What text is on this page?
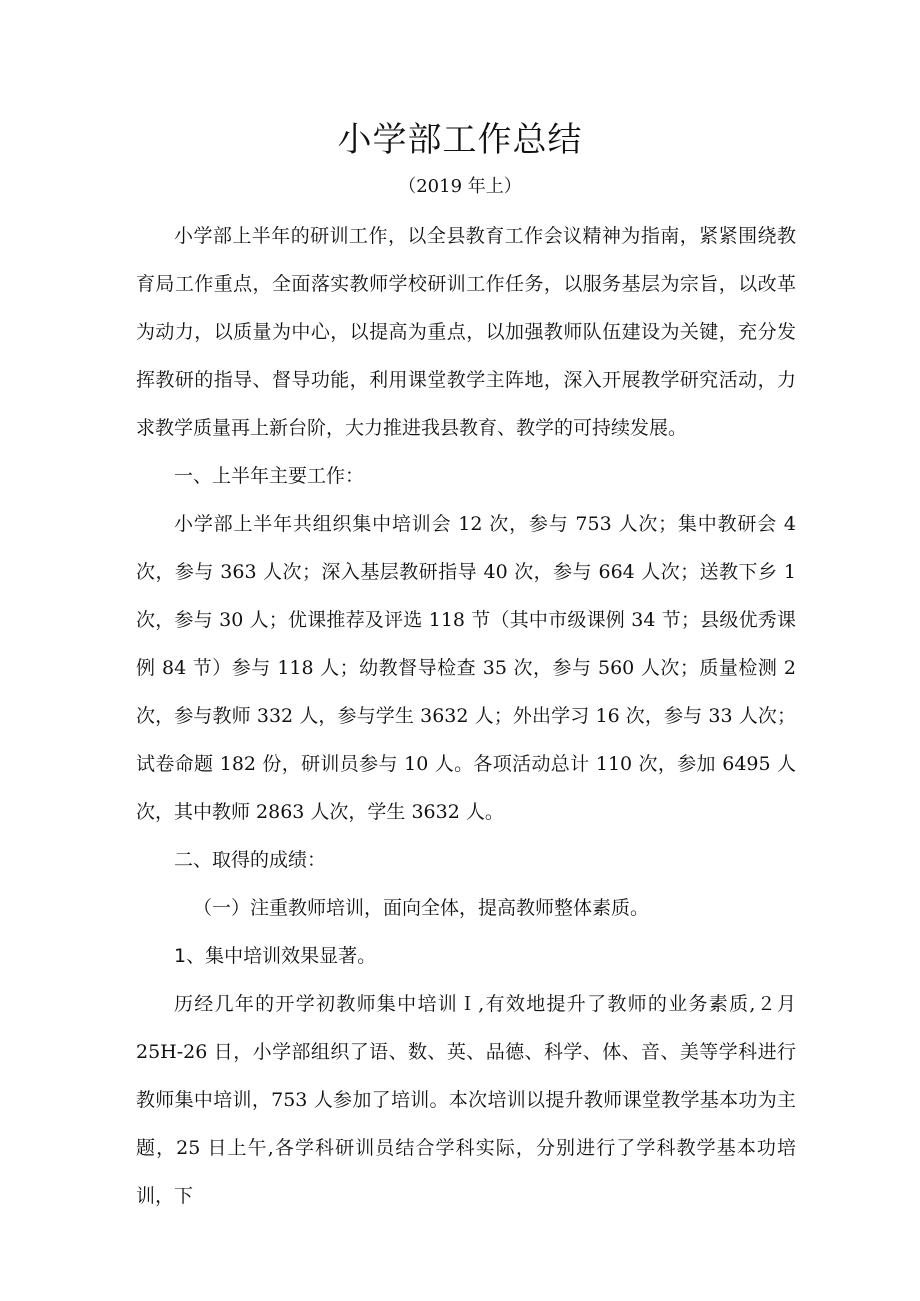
小学部工作总结
（2019 年上）

小学部上半年的研训工作，以全县教育工作会议精神为指南，紧紧围绕教育局工作重点，全面落实教师学校研训工作任务，以服务基层为宗旨，以改革为动力，以质量为中心，以提高为重点，以加强教师队伍建设为关键，充分发挥教研的指导、督导功能，利用课堂教学主阵地，深入开展教学研究活动，力求教学质量再上新台阶，大力推进我县教育、教学的可持续发展。

一、上半年主要工作：

小学部上半年共组织集中培训会 12 次，参与 753 人次；集中教研会 4 次，参与 363 人次；深入基层教研指导 40 次，参与 664 人次；送教下乡 1 次，参与 30 人；优课推荐及评选 118 节（其中市级课例 34 节；县级优秀课例 84 节）参与 118 人；幼教督导检查 35 次，参与 560 人次；质量检测 2 次，参与教师 332 人，参与学生 3632 人；外出学习 16 次，参与 33 人次；试卷命题 182 份，研训员参与 10 人。各项活动总计 110 次，参加 6495 人次，其中教师 2863 人次，学生 3632 人。

二、取得的成绩：

（一）注重教师培训，面向全体，提高教师整体素质。

1、集中培训效果显著。

历经几年的开学初教师集中培训Ｉ,有效地提升了教师的业务素质,２月 25H-26 日，小学部组织了语、数、英、品德、科学、体、音、美等学科进行教师集中培训，753 人参加了培训。本次培训以提升教师课堂教学基本功为主题，25 日上午,各学科研训员结合学科实际，分别进行了学科教学基本功培训，下
